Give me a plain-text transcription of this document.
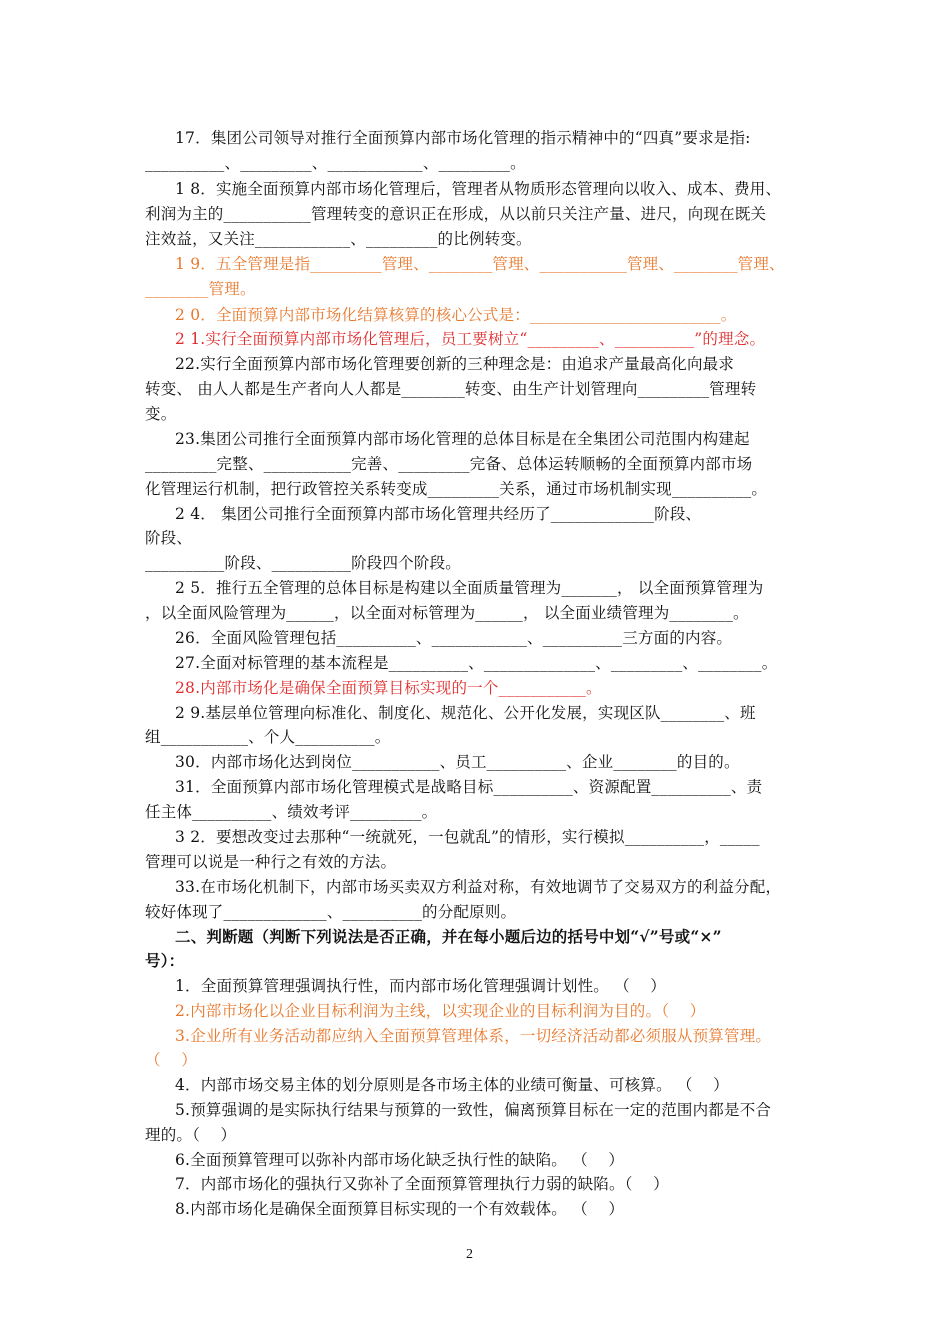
17．集团公司领导对推行全面预算内部市场化管理的指示精神中的“四真”要求是指:
__________、_________、____________、_________。
1 8．实施全面预算内部市场化管理后，管理者从物质形态管理向以收入、成本、费用、
利润为主的___________管理转变的意识正在形成，从以前只关注产量、进尺，向现在既关
注效益，又关注____________、_________的比例转变。
1 9．五全管理是指_________管理、________管理、___________管理、________管理、
________管理。
2 0．全面预算内部市场化结算核算的核心公式是：________________________。
2 1.实行全面预算内部市场化管理后，员工要树立“_________、__________”的理念。
22.实行全面预算内部市场化管理要创新的三种理念是：由追求产量最高化向最求
转变、 由人人都是生产者向人人都是________转变、由生产计划管理向_________管理转
变。
23.集团公司推行全面预算内部市场化管理的总体目标是在全集团公司范围内构建起
_________完整、___________完善、_________完备、总体运转顺畅的全面预算内部市场
化管理运行机制，把行政管控关系转变成_________关系，通过市场机制实现__________。
2 4． 集团公司推行全面预算内部市场化管理共经历了_____________阶段、
阶段、
__________阶段、__________阶段四个阶段。
2 5．推行五全管理的总体目标是构建以全面质量管理为_______， 以全面预算管理为
，以全面风险管理为______，以全面对标管理为______， 以全面业绩管理为________。
26．全面风险管理包括__________、____________、__________三方面的内容。
27.全面对标管理的基本流程是__________、______________、_________、________。
28.内部市场化是确保全面预算目标实现的一个___________。
2 9.基层单位管理向标准化、制度化、规范化、公开化发展，实现区队________、班
组___________、个人__________。
30．内部市场化达到岗位___________、员工__________、企业________的目的。
31．全面预算内部市场化管理模式是战略目标__________、资源配置__________、责
任主体__________、绩效考评_________。
3 2．要想改变过去那种“一统就死，一包就乱”的情形，实行模拟__________，_____
管理可以说是一种行之有效的方法。
33.在市场化机制下，内部市场买卖双方利益对称，有效地调节了交易双方的利益分配，
较好体现了_____________、__________的分配原则。
二、判断题（判断下列说法是否正确，并在每小题后边的括号中划“√”号或“×”
号）：
1．全面预算管理强调执行性，而内部市场化管理强调计划性。 （    ）
2.内部市场化以企业目标利润为主线，以实现企业的目标利润为目的。（    ）
3.企业所有业务活动都应纳入全面预算管理体系，一切经济活动都必须服从预算管理。
（    ）
4．内部市场交易主体的划分原则是各市场主体的业绩可衡量、可核算。 （    ）
5.预算强调的是实际执行结果与预算的一致性，偏离预算目标在一定的范围内都是不合
理的。（    ）
6.全面预算管理可以弥补内部市场化缺乏执行性的缺陷。 （    ）
7．内部市场化的强执行又弥补了全面预算管理执行力弱的缺陷。（    ）
8.内部市场化是确保全面预算目标实现的一个有效载体。 （    ）
2
